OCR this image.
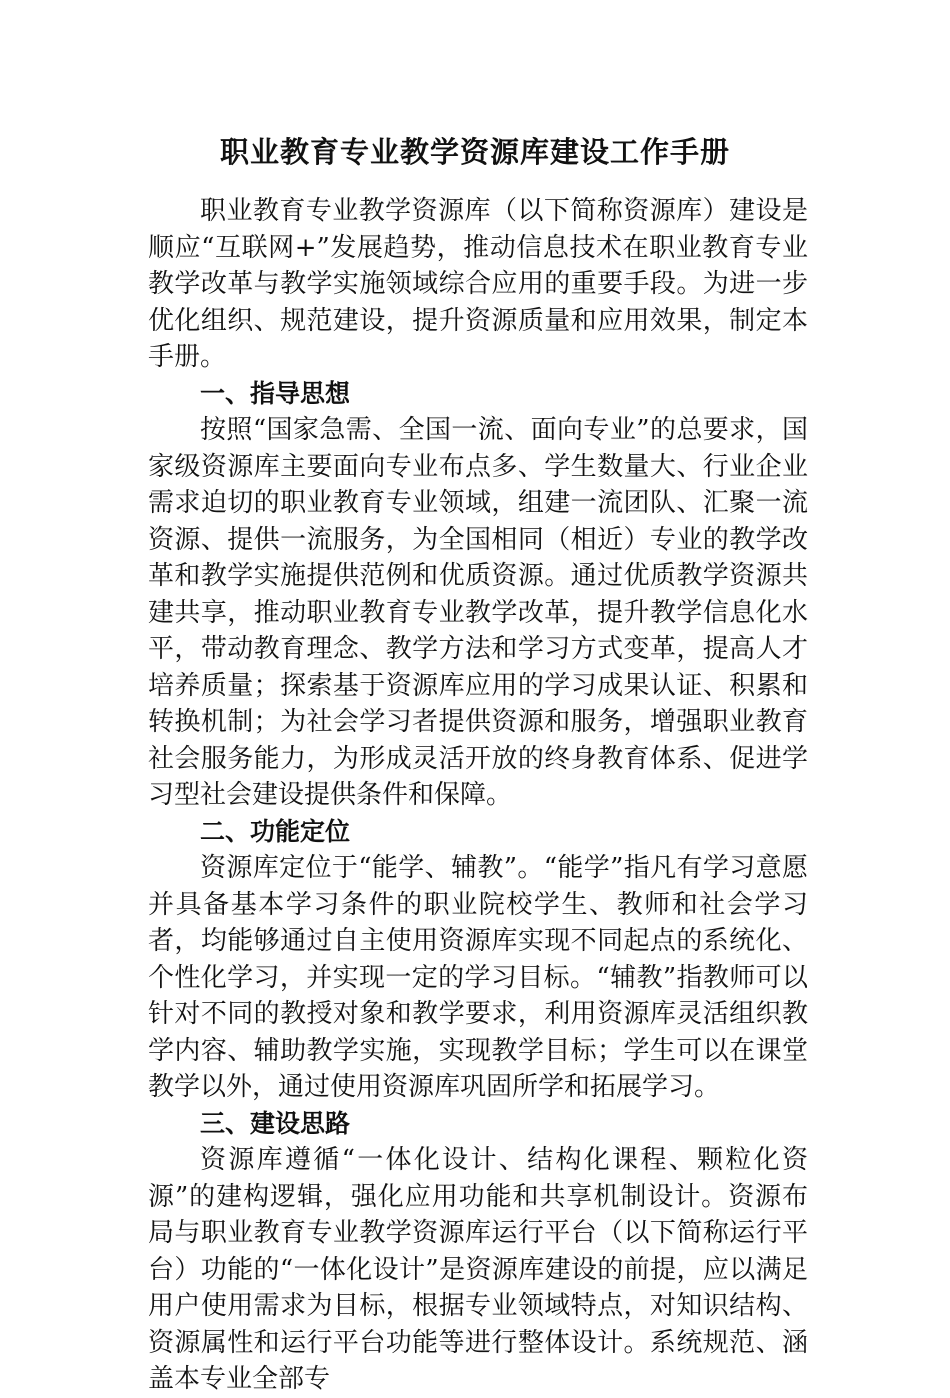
职业教育专业教学资源库建设工作手册

职业教育专业教学资源库（以下简称资源库）建设是顺应“互联网+”发展趋势，推动信息技术在职业教育专业教学改革与教学实施领域综合应用的重要手段。为进一步优化组织、规范建设，提升资源质量和应用效果，制定本手册。

一、指导思想

按照“国家急需、全国一流、面向专业”的总要求，国家级资源库主要面向专业布点多、学生数量大、行业企业需求迫切的职业教育专业领域，组建一流团队、汇聚一流资源、提供一流服务，为全国相同（相近）专业的教学改革和教学实施提供范例和优质资源。通过优质教学资源共建共享，推动职业教育专业教学改革，提升教学信息化水平，带动教育理念、教学方法和学习方式变革，提高人才培养质量；探索基于资源库应用的学习成果认证、积累和转换机制；为社会学习者提供资源和服务，增强职业教育社会服务能力，为形成灵活开放的终身教育体系、促进学习型社会建设提供条件和保障。

二、功能定位

资源库定位于“能学、辅教”。“能学”指凡有学习意愿并具备基本学习条件的职业院校学生、教师和社会学习者，均能够通过自主使用资源库实现不同起点的系统化、个性化学习，并实现一定的学习目标。“辅教”指教师可以针对不同的教授对象和教学要求，利用资源库灵活组织教学内容、辅助教学实施，实现教学目标；学生可以在课堂教学以外，通过使用资源库巩固所学和拓展学习。

三、建设思路

资源库遵循“一体化设计、结构化课程、颗粒化资源”的建构逻辑，强化应用功能和共享机制设计。资源布局与职业教育专业教学资源库运行平台（以下简称运行平台）功能的“一体化设计”是资源库建设的前提，应以满足用户使用需求为目标，根据专业领域特点，对知识结构、资源属性和运行平台功能等进行整体设计。系统规范、涵盖本专业全部专
